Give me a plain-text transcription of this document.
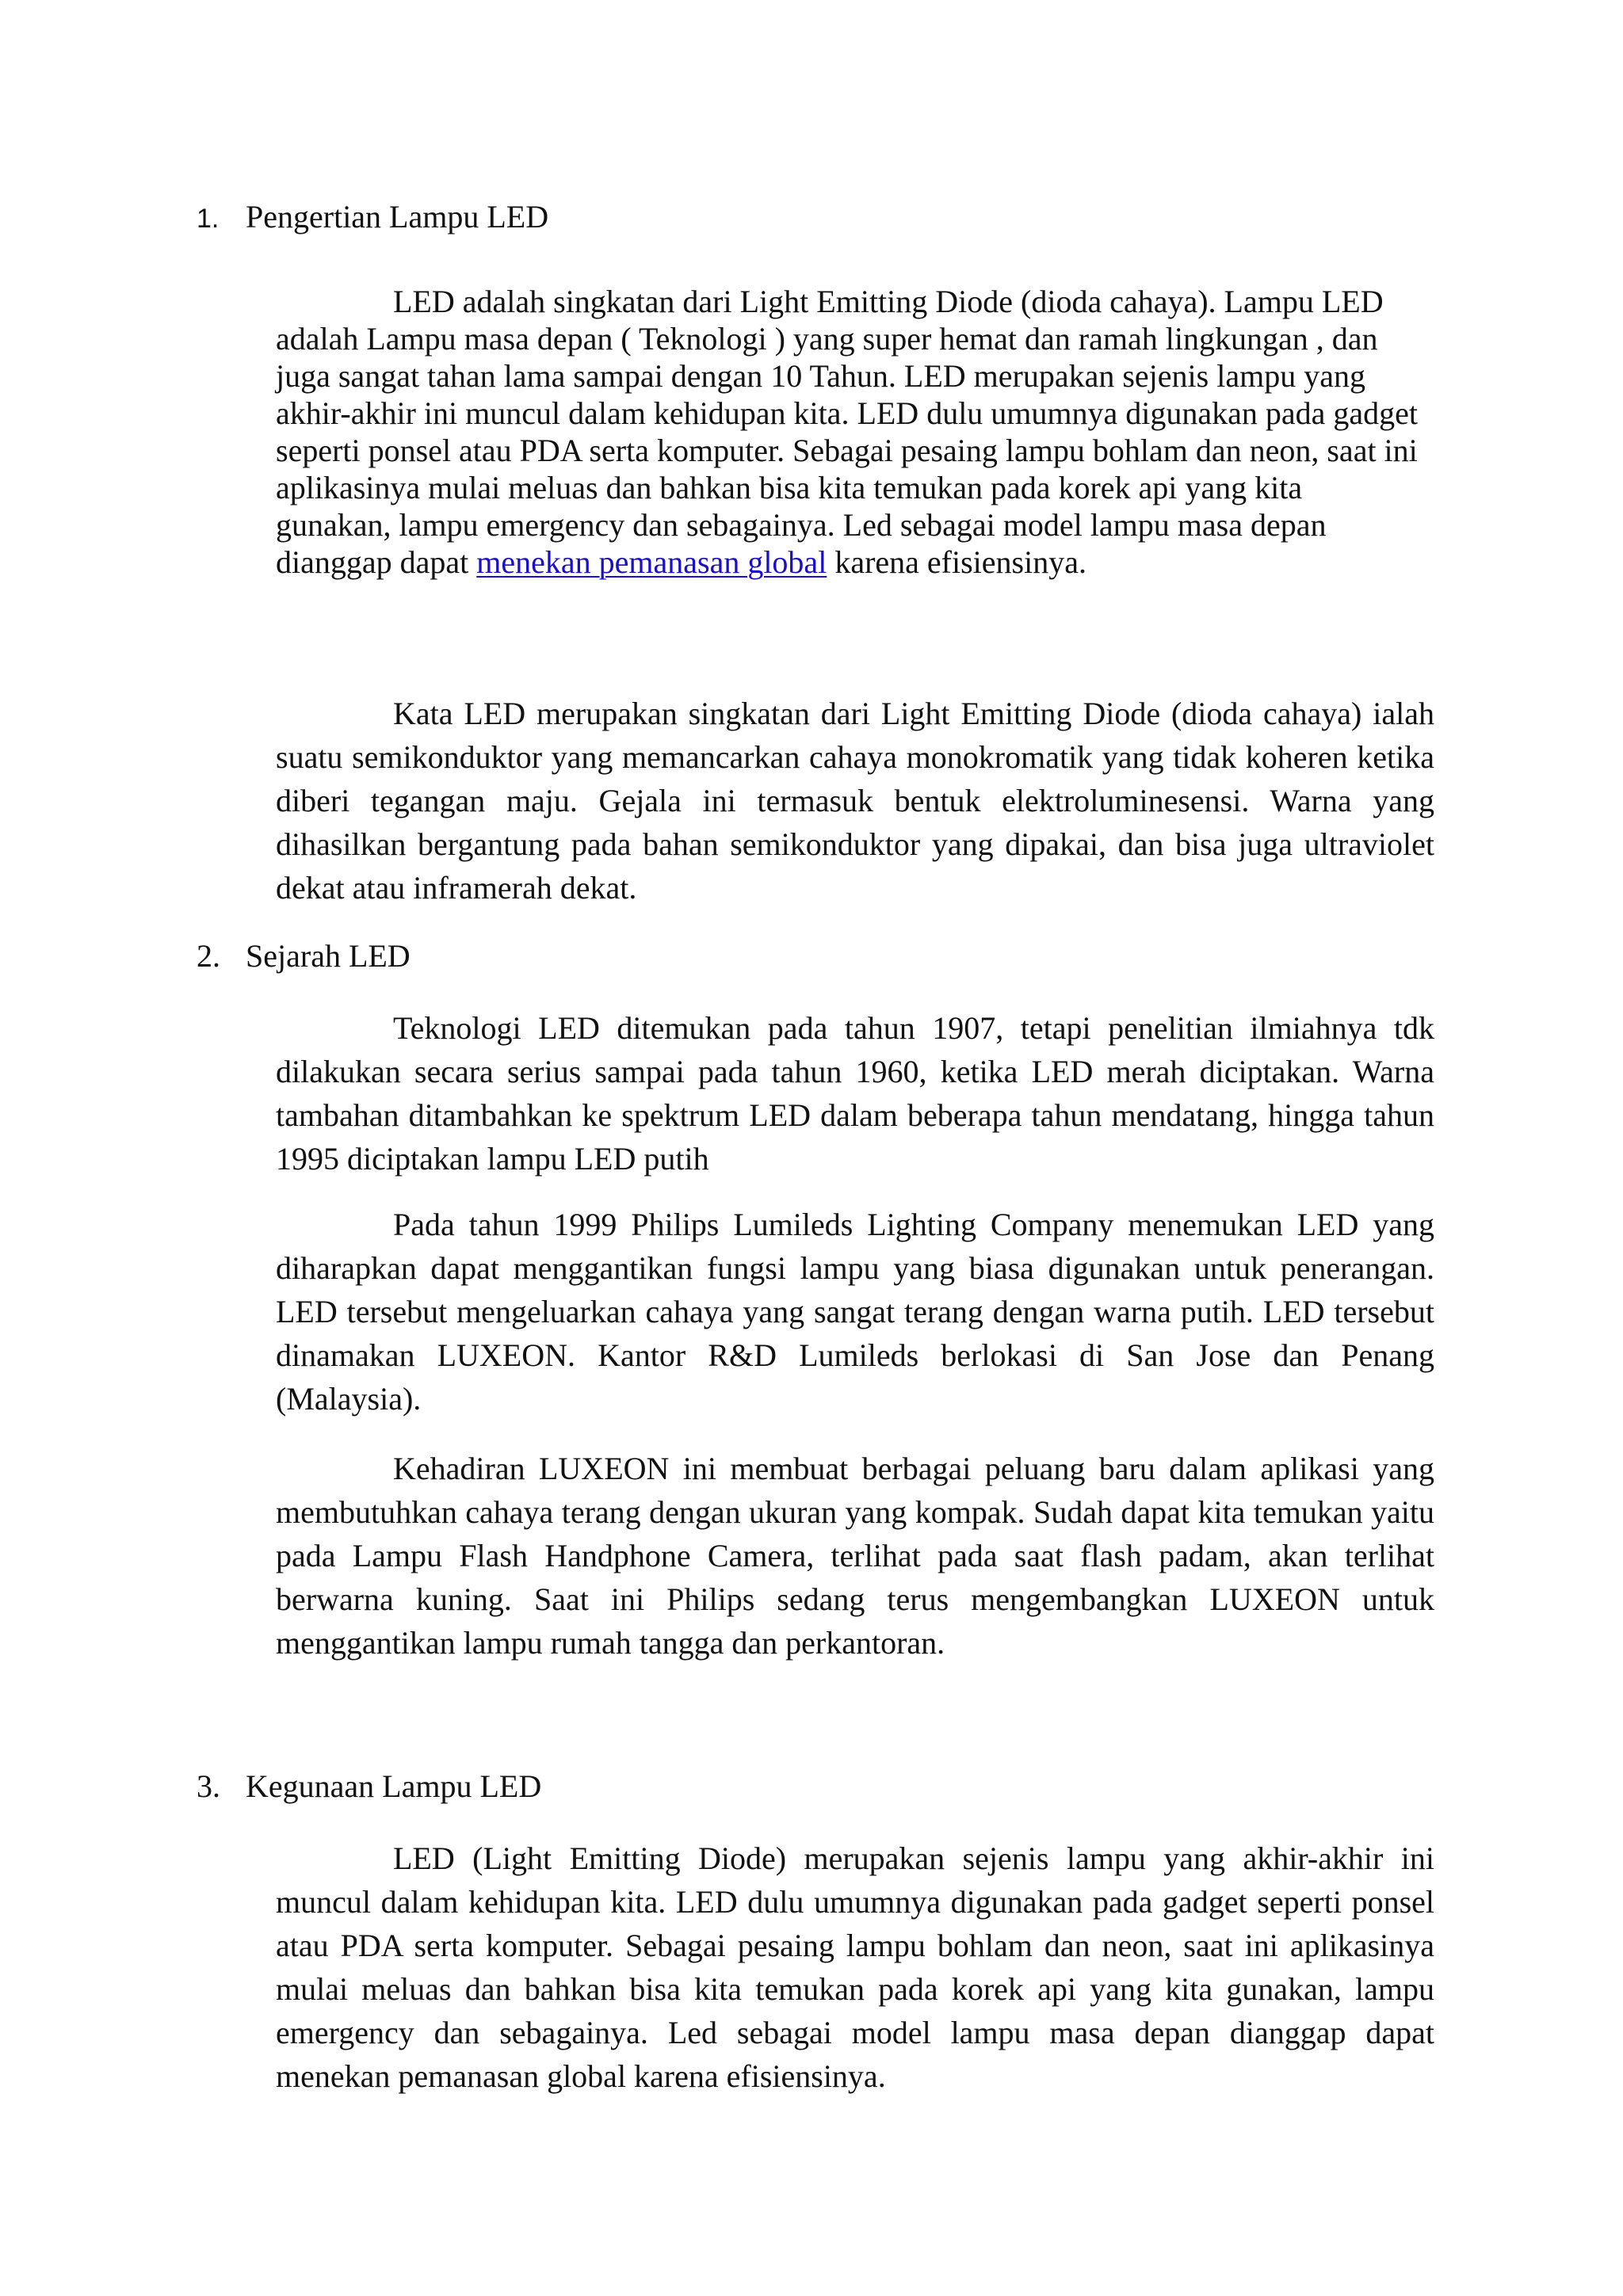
1. Pengertian Lampu LED

LED adalah singkatan dari Light Emitting Diode (dioda cahaya). Lampu LED adalah Lampu masa depan ( Teknologi ) yang super hemat dan ramah lingkungan , dan juga sangat tahan lama sampai dengan 10 Tahun. LED merupakan sejenis lampu yang akhir-akhir ini muncul dalam kehidupan kita. LED dulu umumnya digunakan pada gadget seperti ponsel atau PDA serta komputer. Sebagai pesaing lampu bohlam dan neon, saat ini aplikasinya mulai meluas dan bahkan bisa kita temukan pada korek api yang kita gunakan, lampu emergency dan sebagainya. Led sebagai model lampu masa depan dianggap dapat menekan pemanasan global karena efisiensinya.

Kata LED merupakan singkatan dari Light Emitting Diode (dioda cahaya) ialah suatu semikonduktor yang memancarkan cahaya monokromatik yang tidak koheren ketika diberi tegangan maju. Gejala ini termasuk bentuk elektroluminesensi. Warna yang dihasilkan bergantung pada bahan semikonduktor yang dipakai, dan bisa juga ultraviolet dekat atau inframerah dekat.

2. Sejarah LED

Teknologi LED ditemukan pada tahun 1907, tetapi penelitian ilmiahnya tdk dilakukan secara serius sampai pada tahun 1960, ketika LED merah diciptakan. Warna tambahan ditambahkan ke spektrum LED dalam beberapa tahun mendatang, hingga tahun 1995 diciptakan lampu LED putih

Pada tahun 1999 Philips Lumileds Lighting Company menemukan LED yang diharapkan dapat menggantikan fungsi lampu yang biasa digunakan untuk penerangan. LED tersebut mengeluarkan cahaya yang sangat terang dengan warna putih. LED tersebut dinamakan LUXEON. Kantor R&D Lumileds berlokasi di San Jose dan Penang (Malaysia).

Kehadiran LUXEON ini membuat berbagai peluang baru dalam aplikasi yang membutuhkan cahaya terang dengan ukuran yang kompak. Sudah dapat kita temukan yaitu pada Lampu Flash Handphone Camera, terlihat pada saat flash padam, akan terlihat berwarna kuning. Saat ini Philips sedang terus mengembangkan LUXEON untuk menggantikan lampu rumah tangga dan perkantoran.

3. Kegunaan Lampu LED

LED (Light Emitting Diode) merupakan sejenis lampu yang akhir-akhir ini muncul dalam kehidupan kita. LED dulu umumnya digunakan pada gadget seperti ponsel atau PDA serta komputer. Sebagai pesaing lampu bohlam dan neon, saat ini aplikasinya mulai meluas dan bahkan bisa kita temukan pada korek api yang kita gunakan, lampu emergency dan sebagainya. Led sebagai model lampu masa depan dianggap dapat menekan pemanasan global karena efisiensinya.
